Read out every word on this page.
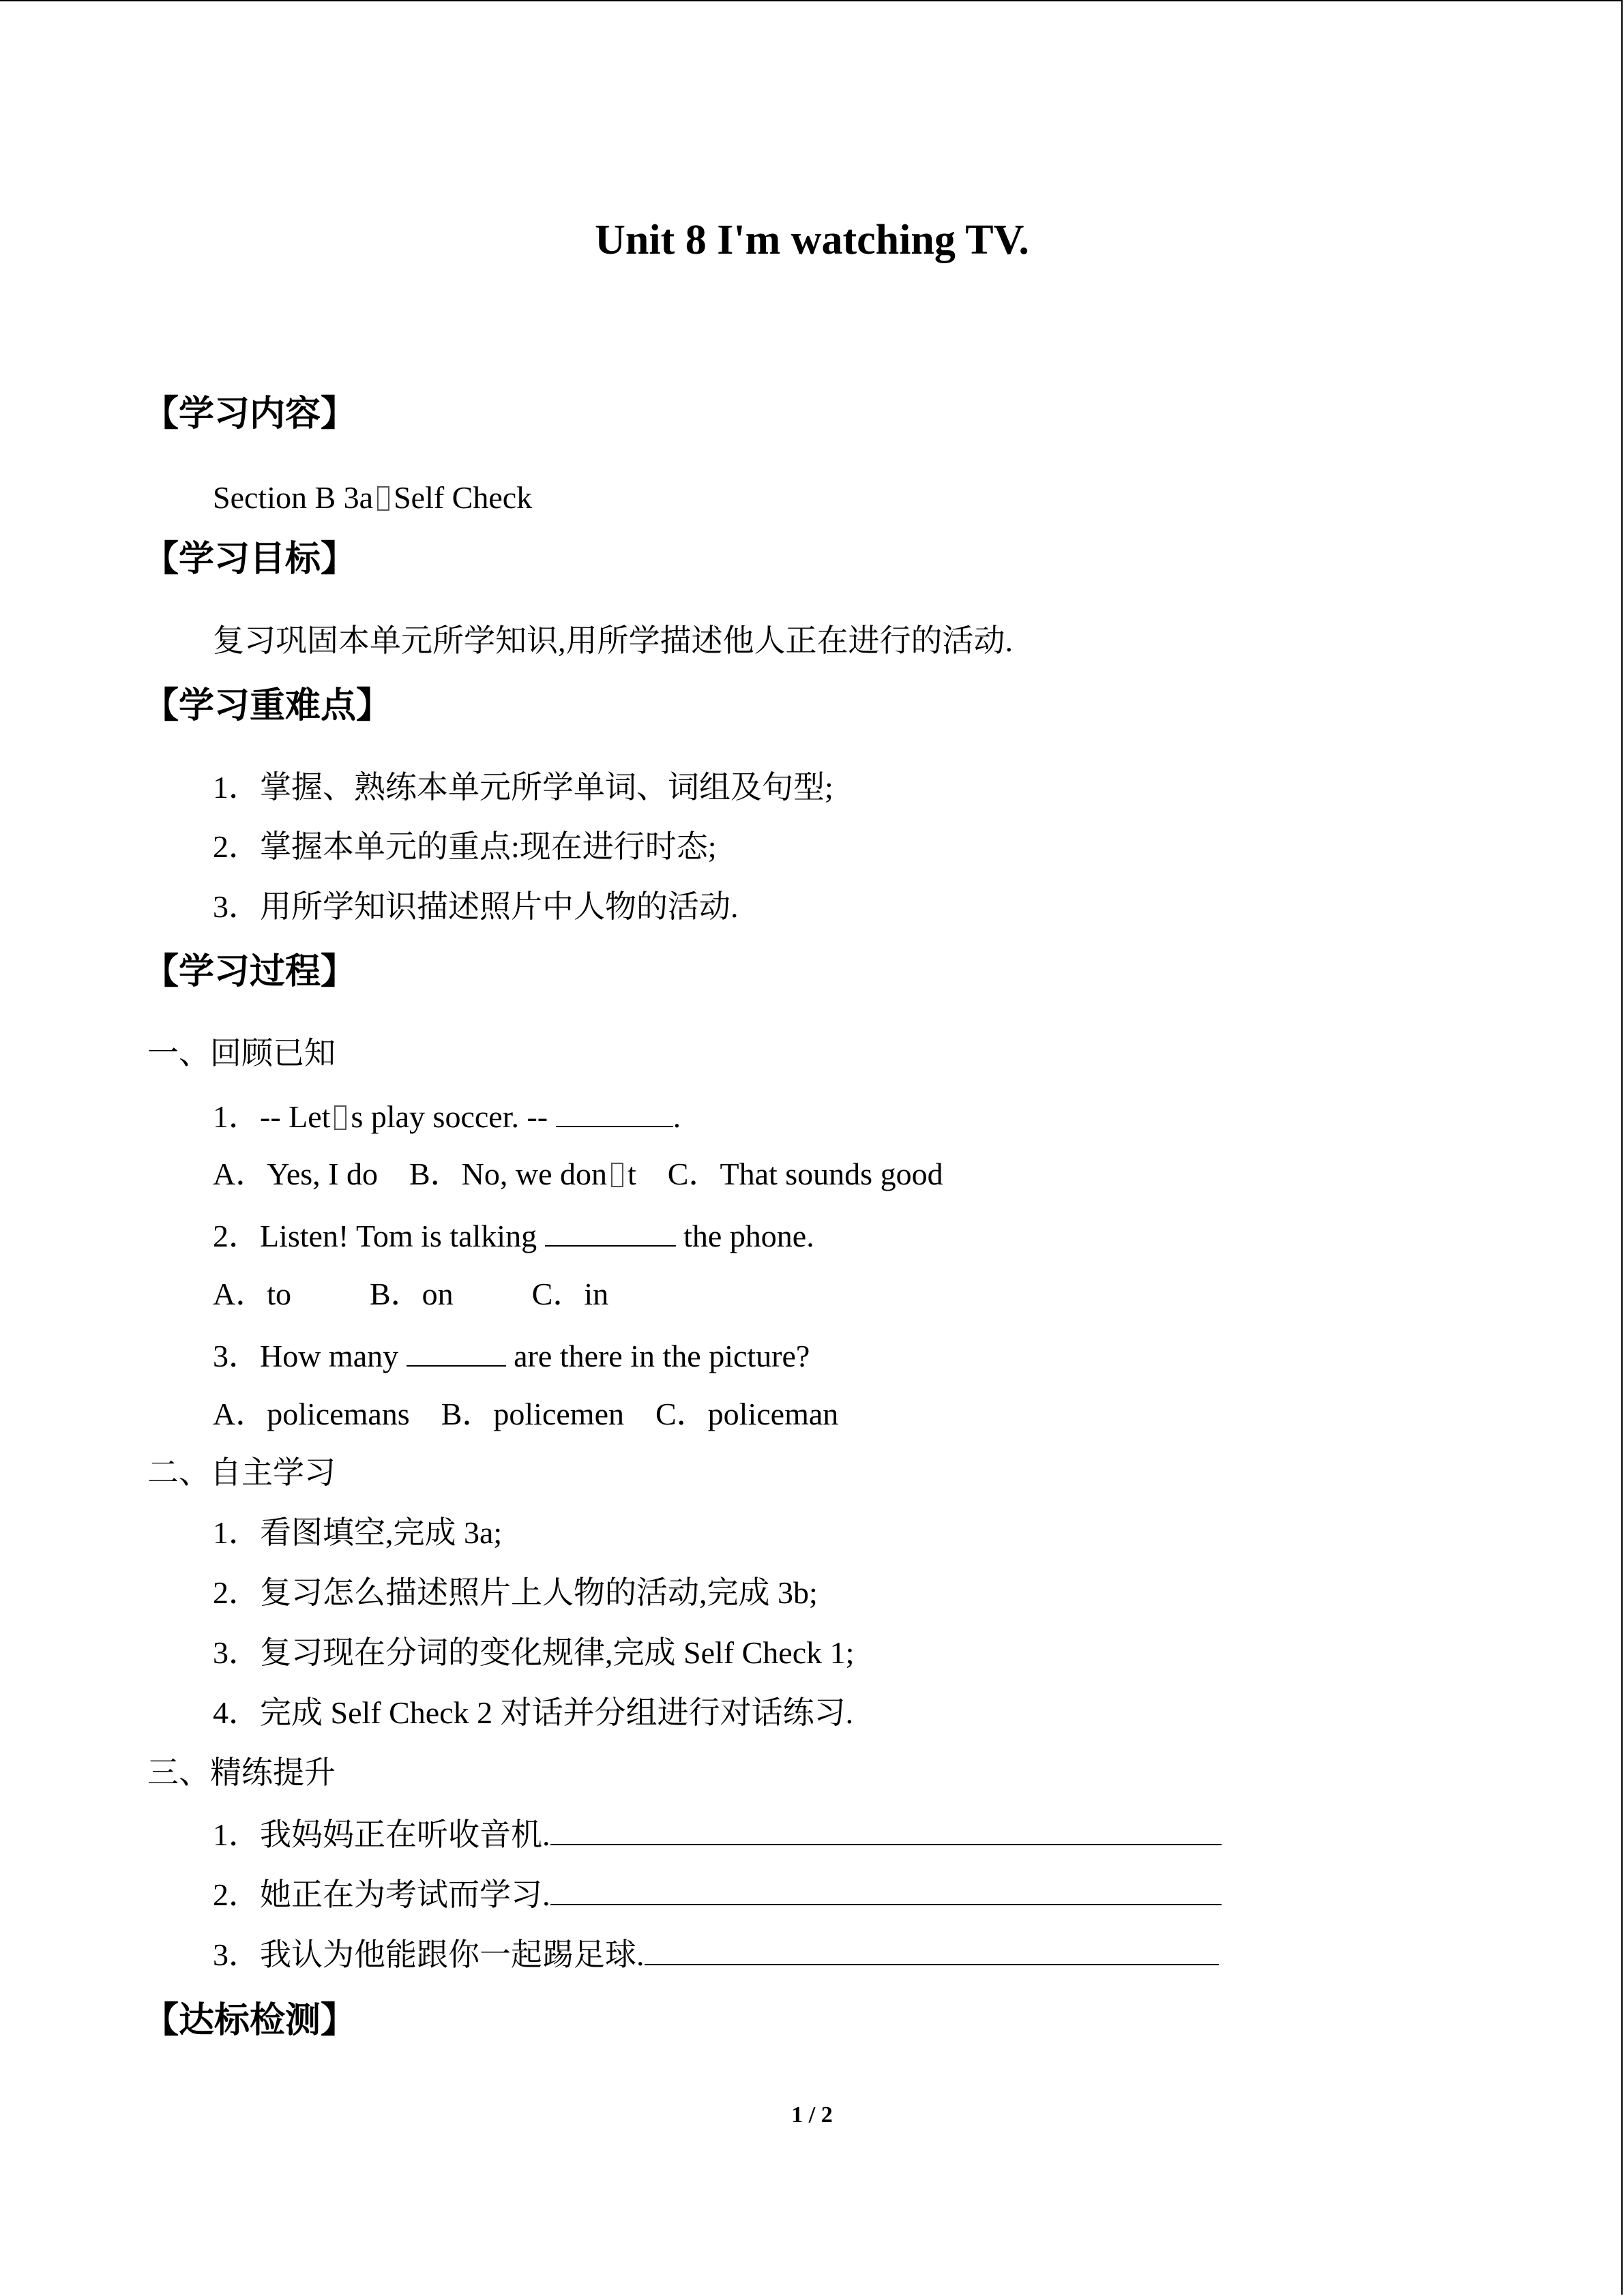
Unit 8 I'm watching TV.
【学习内容】
Section B 3a Self Check
【学习目标】
复习巩固本单元所学知识,用所学描述他人正在进行的活动.
【学习重难点】
1．掌握、熟练本单元所学单词、词组及句型;
2．掌握本单元的重点:现在进行时态;
3．用所学知识描述照片中人物的活动.
【学习过程】
一、回顾已知
1．-- Let s play soccer. --	.
A．Yes, I do    B．No, we don t    C．That sounds good
2．Listen! Tom is talking	the phone.
A．to          B．on          C．in
3．How many	are there in the picture?
A．policemans    B．policemen    C．policeman
二、自主学习
1．看图填空,完成 3a;
2．复习怎么描述照片上人物的活动,完成 3b;
3．复习现在分词的变化规律,完成 Self Check 1;
4．完成 Self Check 2 对话并分组进行对话练习.
三、精练提升
1．我妈妈正在听收音机.
2．她正在为考试而学习.
3．我认为他能跟你一起踢足球.
【达标检测】
1 / 2
